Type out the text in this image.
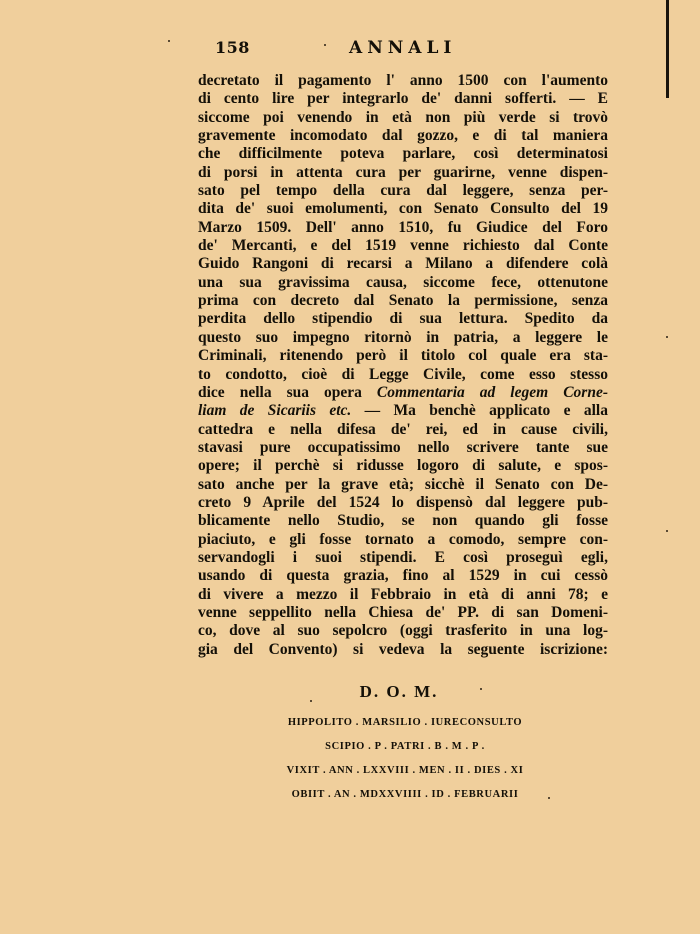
158	ANNALI
decretato il pagamento l' anno 1500 con l'aumento
di cento lire per integrarlo de' danni sofferti. — E
siccome poi venendo in età non più verde si trovò
gravemente incomodato dal gozzo, e di tal maniera
che difficilmente poteva parlare, così determinatosi
di porsi in attenta cura per guarirne, venne dispen-
sato pel tempo della cura dal leggere, senza per-
dita de' suoi emolumenti, con Senato Consulto del 19
Marzo 1509. Dell' anno 1510, fu Giudice del Foro
de' Mercanti, e del 1519 venne richiesto dal Conte
Guido Rangoni di recarsi a Milano a difendere colà
una sua gravissima causa, siccome fece, ottenutone
prima con decreto dal Senato la permissione, senza
perdita dello stipendio di sua lettura. Spedito da
questo suo impegno ritornò in patria, a leggere le
Criminali, ritenendo però il titolo col quale era sta-
to condotto, cioè di Legge Civile, come esso stesso
dice nella sua opera Commentaria ad legem Corne-
liam de Sicariis etc. — Ma benchè applicato e alla
cattedra e nella difesa de' rei, ed in cause civili,
stavasi pure occupatissimo nello scrivere tante sue
opere; il perchè si ridusse logoro di salute, e spos-
sato anche per la grave età; sicchè il Senato con De-
creto 9 Aprile del 1524 lo dispensò dal leggere pub-
blicamente nello Studio, se non quando gli fosse
piaciuto, e gli fosse tornato a comodo, sempre con-
servandogli i suoi stipendi. E così proseguì egli,
usando di questa grazia, fino al 1529 in cui cessò
di vivere a mezzo il Febbraio in età di anni 78; e
venne seppellito nella Chiesa de' PP. di san Domeni-
co, dove al suo sepolcro (oggi trasferito in una log-
gia del Convento) si vedeva la seguente iscrizione:
D. O. M.
HIPPOLITO . MARSILIO . IURECONSULTO
SCIPIO . P . PATRI . B . M . P .
VIXIT . ANN . LXXVIII . MEN . II . DIES . XI
OBIIT . AN . MDXXVIIII . ID . FEBRUARII
